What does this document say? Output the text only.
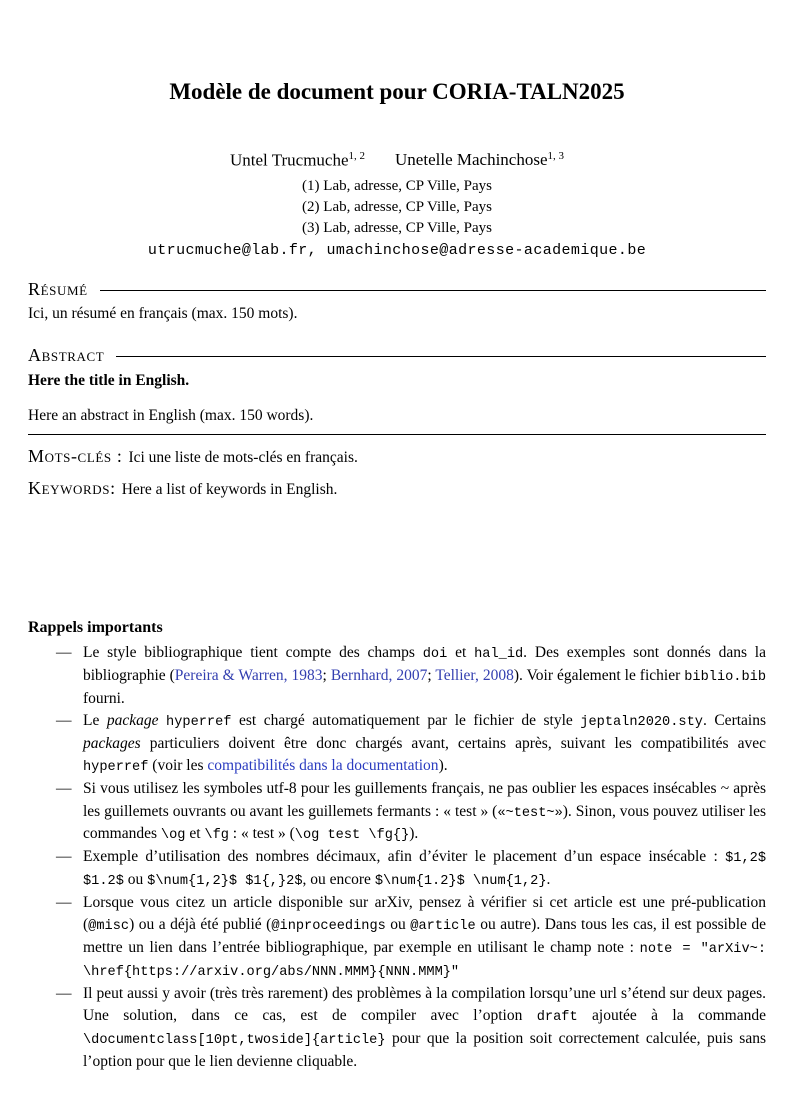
Modèle de document pour CORIA-TALN2025

Untel Trucmuche$^{1, 2}$ Unetelle Machinchose$^{1, 3}$

(1) Lab, adresse, CP Ville, Pays
(2) Lab, adresse, CP Ville, Pays
(3) Lab, adresse, CP Ville, Pays

utrucmuche@lab.fr, umachinchose@adresse-academique.be

Résumé

Ici, un résumé en français (max. 150 mots).

Abstract

Here the title in English.

Here an abstract in English (max. 150 words).

Mots-clés : Ici une liste de mots-clés en français.

Keywords: Here a list of keywords in English.

Rappels importants
— Le style bibliographique tient compte des champs doi et hal_id. Des exemples sont donnés dans la bibliographie (Pereira & Warren, 1983; Bernhard, 2007; Tellier, 2008). Voir également le fichier biblio.bib fourni.
— Le package hyperref est chargé automatiquement par le fichier de style jeptaln2020.sty. Certains packages particuliers doivent être donc chargés avant, certains après, suivant les compatibilités avec hyperref (voir les compatibilités dans la documentation).
— Si vous utilisez les symboles utf-8 pour les guillements français, ne pas oublier les espaces insécables ~ après les guillemets ouvrants ou avant les guillemets fermants : « test » («~test~»). Sinon, vous pouvez utiliser les commandes \og et \fg : « test » (\og test \fg{}).
— Exemple d’utilisation des nombres décimaux, afin d’éviter le placement d’un espace insécable : $1,2$ $1.2$ ou $\num{1,2}$ $1{,}2$, ou encore $\num{1.2}$ \num{1,2}.
— Lorsque vous citez un article disponible sur arXiv, pensez à vérifier si cet article est une pré-publication (@misc) ou a déjà été publié (@inproceedings ou @article ou autre). Dans tous les cas, il est possible de mettre un lien dans l’entrée bibliographique, par exemple en utilisant le champ note : note = "arXiv~: \href{https://arxiv.org/abs/NNN.MMM}{NNN.MMM}"
— Il peut aussi y avoir (très très rarement) des problèmes à la compilation lorsqu’une url s’étend sur deux pages. Une solution, dans ce cas, est de compiler avec l’option draft ajoutée à la commande \documentclass[10pt,twoside]{article} pour que la position soit correctement calculée, puis sans l’option pour que le lien devienne cliquable.
